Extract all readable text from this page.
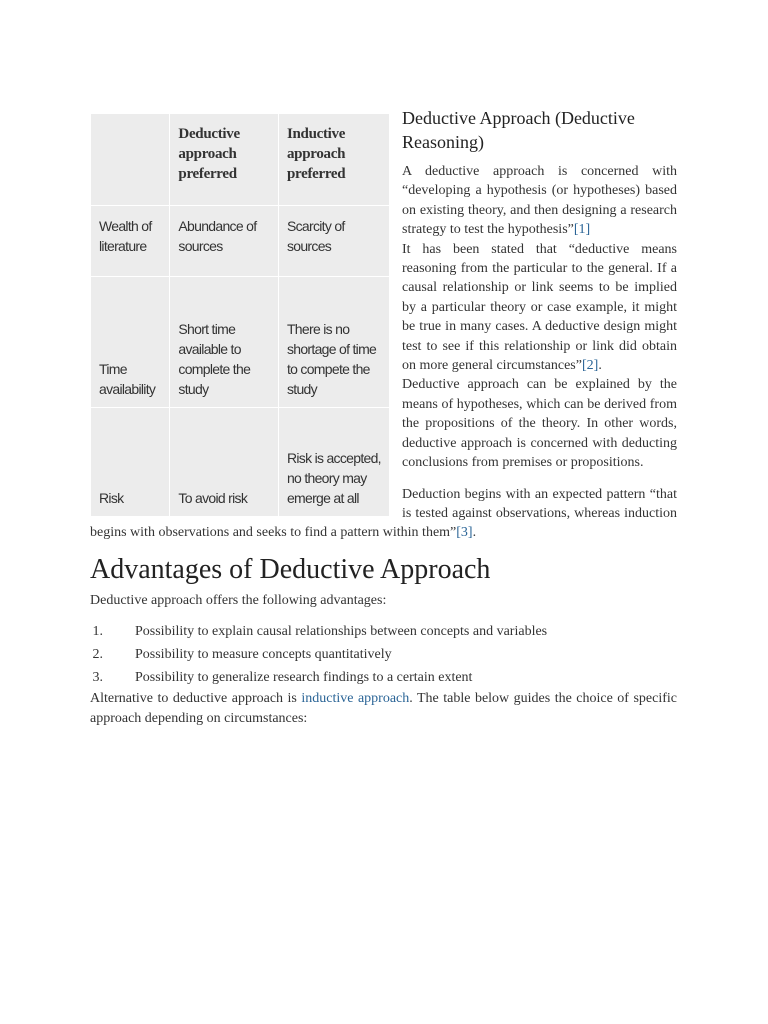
	Deductive approach preferred	Inductive approach preferred
Wealth of literature	Abundance of sources	Scarcity of sources
Time availability	Short time available to complete the study	There is no shortage of time to compete the study
Risk	To avoid risk	Risk is accepted, no theory may emerge at all
Deductive Approach (Deductive Reasoning)

A deductive approach is concerned with “developing a hypothesis (or hypotheses) based on existing theory, and then designing a research strategy to test the hypothesis”[1]

It has been stated that “deductive means reasoning from the particular to the general. If a causal relationship or link seems to be implied by a particular theory or case example, it might be true in many cases. A deductive design might test to see if this relationship or link did obtain on more general circumstances”[2].

Deductive approach can be explained by the means of hypotheses, which can be derived from the propositions of the theory. In other words, deductive approach is concerned with deducting conclusions from premises or propositions.

Deduction begins with an expected pattern “that is tested against observations, whereas induction begins with observations and seeks to find a pattern within them”[3].

Advantages of Deductive Approach

Deductive approach offers the following advantages:

1. Possibility to explain causal relationships between concepts and variables
2. Possibility to measure concepts quantitatively
3. Possibility to generalize research findings to a certain extent

Alternative to deductive approach is inductive approach. The table below guides the choice of specific approach depending on circumstances:
